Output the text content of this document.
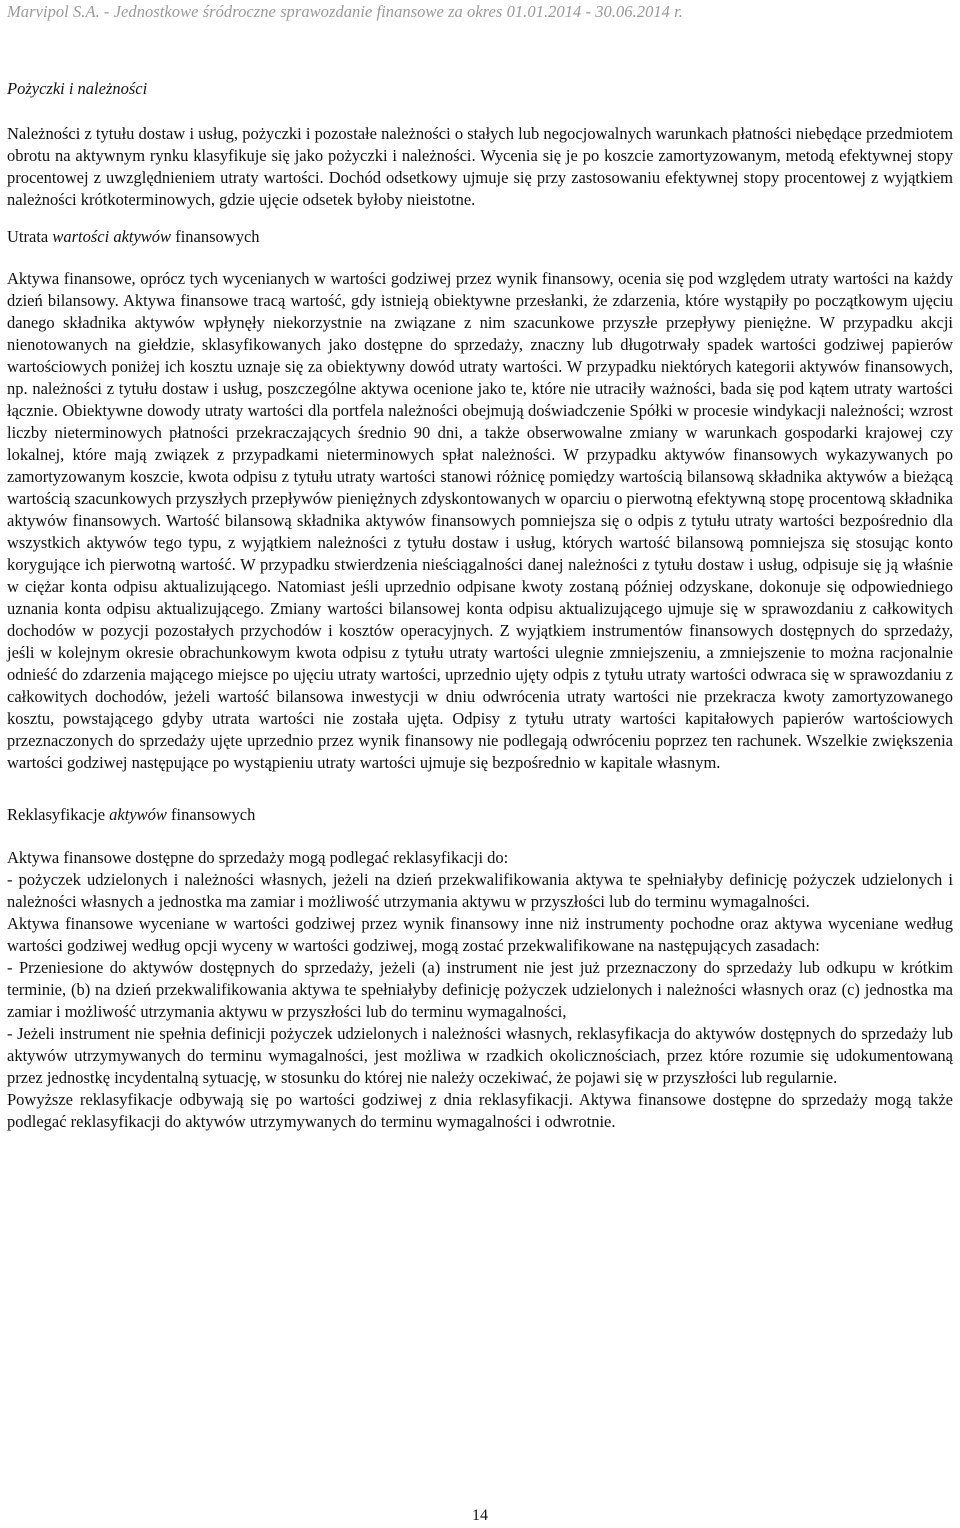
Marvipol S.A. - Jednostkowe śródroczne sprawozdanie finansowe za okres 01.01.2014 - 30.06.2014 r.

Pożyczki i należności

Należności z tytułu dostaw i usług, pożyczki i pozostałe należności o stałych lub negocjowalnych warunkach płatności niebędące przedmiotem obrotu na aktywnym rynku klasyfikuje się jako pożyczki i należności. Wycenia się je po koszcie zamortyzowanym, metodą efektywnej stopy procentowej z uwzględnieniem utraty wartości. Dochód odsetkowy ujmuje się przy zastosowaniu efektywnej stopy procentowej z wyjątkiem należności krótkoterminowych, gdzie ujęcie odsetek byłoby nieistotne.

Utrata wartości aktywów finansowych

Aktywa finansowe, oprócz tych wycenianych w wartości godziwej przez wynik finansowy, ocenia się pod względem utraty wartości na każdy dzień bilansowy. Aktywa finansowe tracą wartość, gdy istnieją obiektywne przesłanki, że zdarzenia, które wystąpiły po początkowym ujęciu danego składnika aktywów wpłynęły niekorzystnie na związane z nim szacunkowe przyszłe przepływy pieniężne. W przypadku akcji nienotowanych na giełdzie, sklasyfikowanych jako dostępne do sprzedaży, znaczny lub długotrwały spadek wartości godziwej papierów wartościowych poniżej ich kosztu uznaje się za obiektywny dowód utraty wartości. W przypadku niektórych kategorii aktywów finansowych, np. należności z tytułu dostaw i usług, poszczególne aktywa ocenione jako te, które nie utraciły ważności, bada się pod kątem utraty wartości łącznie. Obiektywne dowody utraty wartości dla portfela należności obejmują doświadczenie Spółki w procesie windykacji należności; wzrost liczby nieterminowych płatności przekraczających średnio 90 dni, a także obserwowalne zmiany w warunkach gospodarki krajowej czy lokalnej, które mają związek z przypadkami nieterminowych spłat należności. W przypadku aktywów finansowych wykazywanych po zamortyzowanym koszcie, kwota odpisu z tytułu utraty wartości stanowi różnicę pomiędzy wartością bilansową składnika aktywów a bieżącą wartością szacunkowych przyszłych przepływów pieniężnych zdyskontowanych w oparciu o pierwotną efektywną stopę procentową składnika aktywów finansowych. Wartość bilansową składnika aktywów finansowych pomniejsza się o odpis z tytułu utraty wartości bezpośrednio dla wszystkich aktywów tego typu, z wyjątkiem należności z tytułu dostaw i usług, których wartość bilansową pomniejsza się stosując konto korygujące ich pierwotną wartość. W przypadku stwierdzenia nieściągalności danej należności z tytułu dostaw i usług, odpisuje się ją właśnie w ciężar konta odpisu aktualizującego. Natomiast jeśli uprzednio odpisane kwoty zostaną później odzyskane, dokonuje się odpowiedniego uznania konta odpisu aktualizującego. Zmiany wartości bilansowej konta odpisu aktualizującego ujmuje się w sprawozdaniu z całkowitych dochodów w pozycji pozostałych przychodów i kosztów operacyjnych. Z wyjątkiem instrumentów finansowych dostępnych do sprzedaży, jeśli w kolejnym okresie obrachunkowym kwota odpisu z tytułu utraty wartości ulegnie zmniejszeniu, a zmniejszenie to można racjonalnie odnieść do zdarzenia mającego miejsce po ujęciu utraty wartości, uprzednio ujęty odpis z tytułu utraty wartości odwraca się w sprawozdaniu z całkowitych dochodów, jeżeli wartość bilansowa inwestycji w dniu odwrócenia utraty wartości nie przekracza kwoty zamortyzowanego kosztu, powstającego gdyby utrata wartości nie została ujęta. Odpisy z tytułu utraty wartości kapitałowych papierów wartościowych przeznaczonych do sprzedaży ujęte uprzednio przez wynik finansowy nie podlegają odwróceniu poprzez ten rachunek. Wszelkie zwiększenia wartości godziwej następujące po wystąpieniu utraty wartości ujmuje się bezpośrednio w kapitale własnym.

Reklasyfikacje aktywów finansowych

Aktywa finansowe dostępne do sprzedaży mogą podlegać reklasyfikacji do:

- pożyczek udzielonych i należności własnych, jeżeli na dzień przekwalifikowania aktywa te spełniałyby definicję pożyczek udzielonych i należności własnych a jednostka ma zamiar i możliwość utrzymania aktywu w przyszłości lub do terminu wymagalności.

Aktywa finansowe wyceniane w wartości godziwej przez wynik finansowy inne niż instrumenty pochodne oraz aktywa wyceniane według wartości godziwej według opcji wyceny w wartości godziwej, mogą zostać przekwalifikowane na następujących zasadach:

- Przeniesione do aktywów dostępnych do sprzedaży, jeżeli (a) instrument nie jest już przeznaczony do sprzedaży lub odkupu w krótkim terminie, (b) na dzień przekwalifikowania aktywa te spełniałyby definicję pożyczek udzielonych i należności własnych oraz (c) jednostka ma zamiar i możliwość utrzymania aktywu w przyszłości lub do terminu wymagalności,

- Jeżeli instrument nie spełnia definicji pożyczek udzielonych i należności własnych, reklasyfikacja do aktywów dostępnych do sprzedaży lub aktywów utrzymywanych do terminu wymagalności, jest możliwa w rzadkich okolicznościach, przez które rozumie się udokumentowaną przez jednostkę incydentalną sytuację, w stosunku do której nie należy oczekiwać, że pojawi się w przyszłości lub regularnie.

Powyższe reklasyfikacje odbywają się po wartości godziwej z dnia reklasyfikacji. Aktywa finansowe dostępne do sprzedaży mogą także podlegać reklasyfikacji do aktywów utrzymywanych do terminu wymagalności i odwrotnie.

14
